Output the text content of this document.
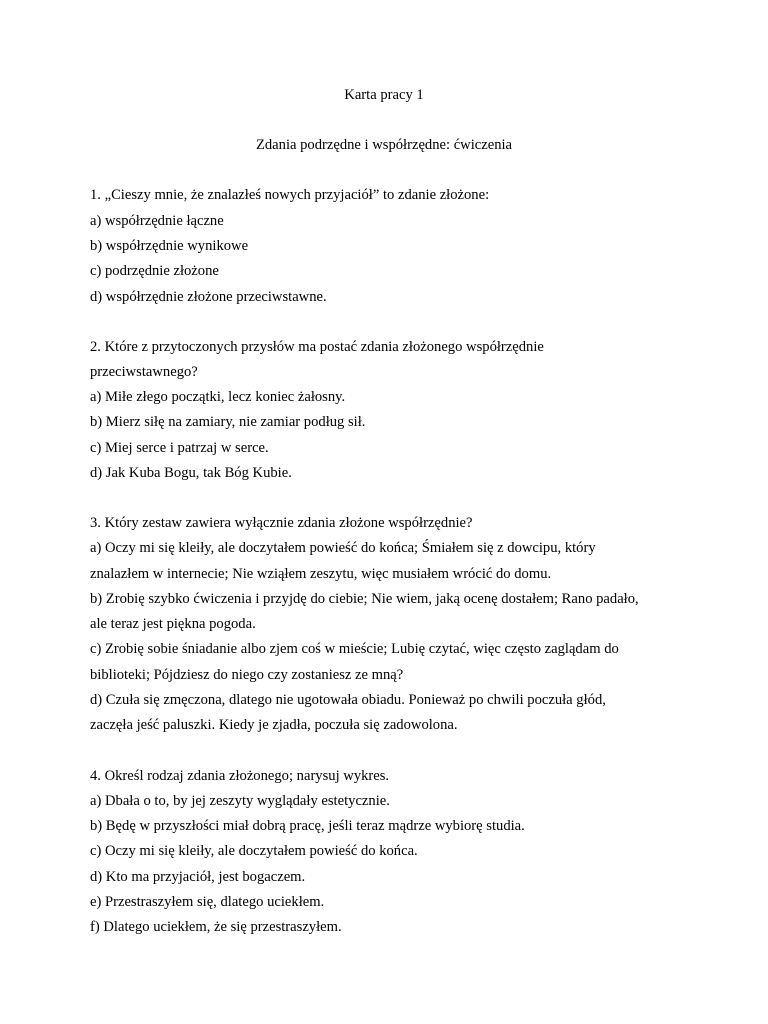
Karta pracy 1
Zdania podrzędne i współrzędne: ćwiczenia
1. „Cieszy mnie, że znalazłeś nowych przyjaciół” to zdanie złożone:
a) współrzędnie łączne
b) współrzędnie wynikowe
c) podrzędnie złożone
d) współrzędnie złożone przeciwstawne.
2. Które z przytoczonych przysłów ma postać zdania złożonego współrzędnie
przeciwstawnego?
a) Miłe złego początki, lecz koniec żałosny.
b) Mierz siłę na zamiary, nie zamiar podług sił.
c) Miej serce i patrzaj w serce.
d) Jak Kuba Bogu, tak Bóg Kubie.
3. Który zestaw zawiera wyłącznie zdania złożone współrzędnie?
a) Oczy mi się kleiły, ale doczytałem powieść do końca; Śmiałem się z dowcipu, który
znalazłem w internecie; Nie wziąłem zeszytu, więc musiałem wrócić do domu.
b) Zrobię szybko ćwiczenia i przyjdę do ciebie; Nie wiem, jaką ocenę dostałem; Rano padało,
ale teraz jest piękna pogoda.
c) Zrobię sobie śniadanie albo zjem coś w mieście; Lubię czytać, więc często zaglądam do
biblioteki; Pójdziesz do niego czy zostaniesz ze mną?
d) Czuła się zmęczona, dlatego nie ugotowała obiadu. Ponieważ po chwili poczuła głód,
zaczęła jeść paluszki. Kiedy je zjadła, poczuła się zadowolona.
4. Określ rodzaj zdania złożonego; narysuj wykres.
a) Dbała o to, by jej zeszyty wyglądały estetycznie.
b) Będę w przyszłości miał dobrą pracę, jeśli teraz mądrze wybiorę studia.
c) Oczy mi się kleiły, ale doczytałem powieść do końca.
d) Kto ma przyjaciół, jest bogaczem.
e) Przestraszyłem się, dlatego uciekłem.
f) Dlatego uciekłem, że się przestraszyłem.
